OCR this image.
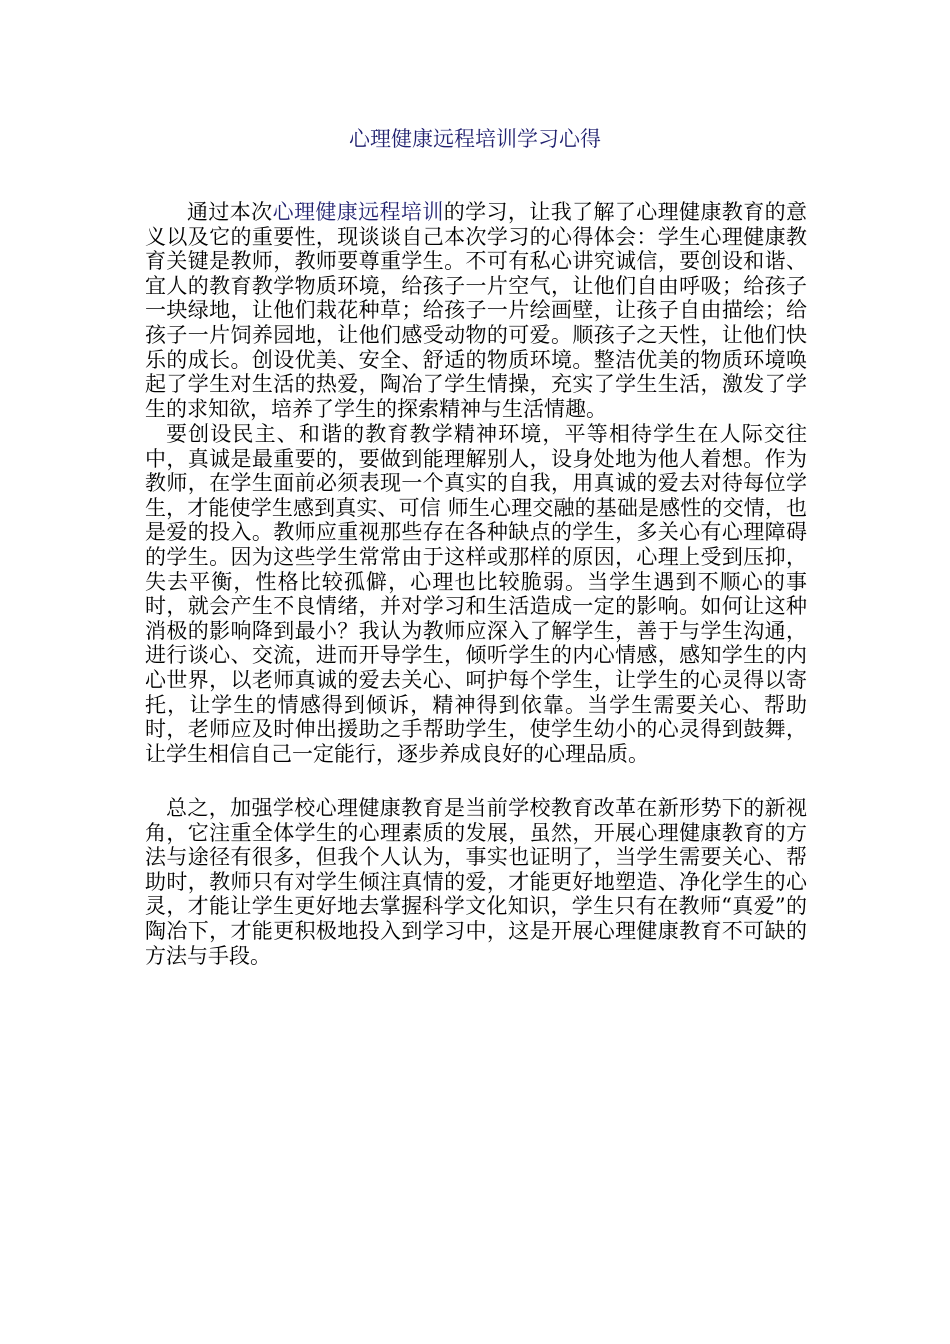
心理健康远程培训学习心得

通过本次心理健康远程培训的学习，让我了解了心理健康教育的意义以及它的重要性，现谈谈自己本次学习的心得体会：学生心理健康教育关键是教师，教师要尊重学生。不可有私心讲究诚信，要创设和谐、宜人的教育教学物质环境，给孩子一片空气，让他们自由呼吸；给孩子一块绿地，让他们栽花种草；给孩子一片绘画壁，让孩子自由描绘；给孩子一片饲养园地，让他们感受动物的可爱。顺孩子之天性，让他们快乐的成长。创设优美、安全、舒适的物质环境。整洁优美的物质环境唤起了学生对生活的热爱，陶冶了学生情操，充实了学生生活，激发了学生的求知欲，培养了学生的探索精神与生活情趣。

要创设民主、和谐的教育教学精神环境，平等相待学生在人际交往中，真诚是最重要的，要做到能理解别人，设身处地为他人着想。作为教师，在学生面前必须表现一个真实的自我，用真诚的爱去对待每位学生，才能使学生感到真实、可信 师生心理交融的基础是感性的交情，也是爱的投入。教师应重视那些存在各种缺点的学生，多关心有心理障碍的学生。因为这些学生常常由于这样或那样的原因，心理上受到压抑，失去平衡，性格比较孤僻，心理也比较脆弱。当学生遇到不顺心的事时，就会产生不良情绪，并对学习和生活造成一定的影响。如何让这种消极的影响降到最小？我认为教师应深入了解学生，善于与学生沟通，进行谈心、交流，进而开导学生，倾听学生的内心情感，感知学生的内心世界，以老师真诚的爱去关心、呵护每个学生，让学生的心灵得以寄托，让学生的情感得到倾诉，精神得到依靠。当学生需要关心、帮助时，老师应及时伸出援助之手帮助学生，使学生幼小的心灵得到鼓舞，让学生相信自己一定能行，逐步养成良好的心理品质。

总之，加强学校心理健康教育是当前学校教育改革在新形势下的新视角，它注重全体学生的心理素质的发展，虽然，开展心理健康教育的方法与途径有很多，但我个人认为，事实也证明了，当学生需要关心、帮助时，教师只有对学生倾注真情的爱，才能更好地塑造、净化学生的心灵，才能让学生更好地去掌握科学文化知识，学生只有在教师“真爱”的陶冶下，才能更积极地投入到学习中，这是开展心理健康教育不可缺的方法与手段。
